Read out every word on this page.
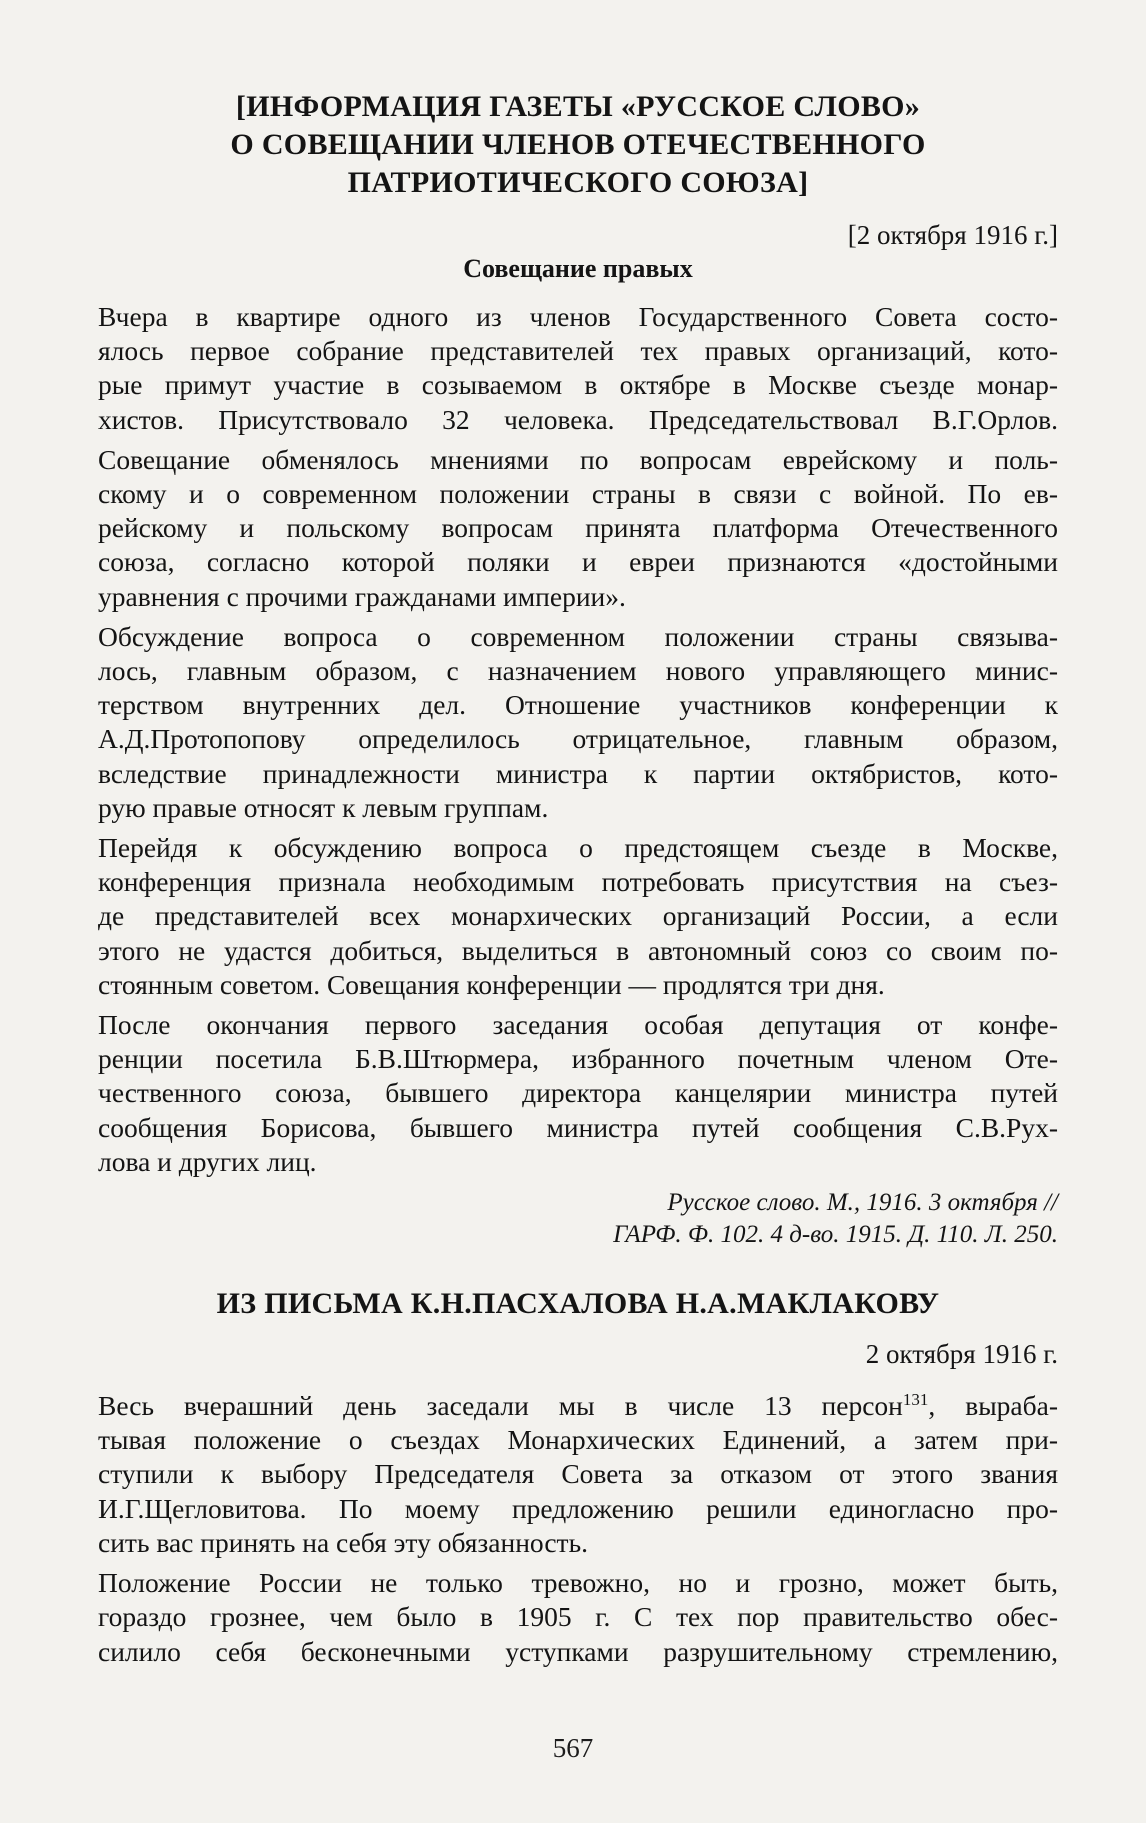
[ИНФОРМАЦИЯ ГАЗЕТЫ «РУССКОЕ СЛОВО»
О СОВЕЩАНИИ ЧЛЕНОВ ОТЕЧЕСТВЕННОГО
ПАТРИОТИЧЕСКОГО СОЮЗА]
[2 октября 1916 г.]
Совещание правых
Вчера в квартире одного из членов Государственного Совета состо-
ялось первое собрание представителей тех правых организаций, кото-
рые примут участие в созываемом в октябре в Москве съезде монар-
хистов. Присутствовало 32 человека. Председательствовал В.Г.Орлов.
Совещание обменялось мнениями по вопросам еврейскому и поль-
скому и о современном положении страны в связи с войной. По ев-
рейскому и польскому вопросам принята платформа Отечественного
союза, согласно которой поляки и евреи признаются «достойными
уравнения с прочими гражданами империи».
Обсуждение вопроса о современном положении страны связыва-
лось, главным образом, с назначением нового управляющего минис-
терством внутренних дел. Отношение участников конференции к
А.Д.Протопопову определилось отрицательное, главным образом,
вследствие принадлежности министра к партии октябристов, кото-
рую правые относят к левым группам.
Перейдя к обсуждению вопроса о предстоящем съезде в Москве,
конференция признала необходимым потребовать присутствия на съез-
де представителей всех монархических организаций России, а если
этого не удастся добиться, выделиться в автономный союз со своим по-
стоянным советом. Совещания конференции — продлятся три дня.
После окончания первого заседания особая депутация от конфе-
ренции посетила Б.В.Штюрмера, избранного почетным членом Оте-
чественного союза, бывшего директора канцелярии министра путей
сообщения Борисова, бывшего министра путей сообщения С.В.Рух-
лова и других лиц.
Русское слово. М., 1916. 3 октября //
ГАРФ. Ф. 102. 4 д-во. 1915. Д. 110. Л. 250.
ИЗ ПИСЬМА К.Н.ПАСХАЛОВА Н.А.МАКЛАКОВУ
2 октября 1916 г.
Весь вчерашний день заседали мы в числе 13 персон$^{131}$, выраба-
тывая положение о съездах Монархических Единений, а затем при-
ступили к выбору Председателя Совета за отказом от этого звания
И.Г.Щегловитова. По моему предложению решили единогласно про-
сить вас принять на себя эту обязанность.
Положение России не только тревожно, но и грозно, может быть,
гораздо грознее, чем было в 1905 г. С тех пор правительство обес-
силило себя бесконечными уступками разрушительному стремлению,
567
